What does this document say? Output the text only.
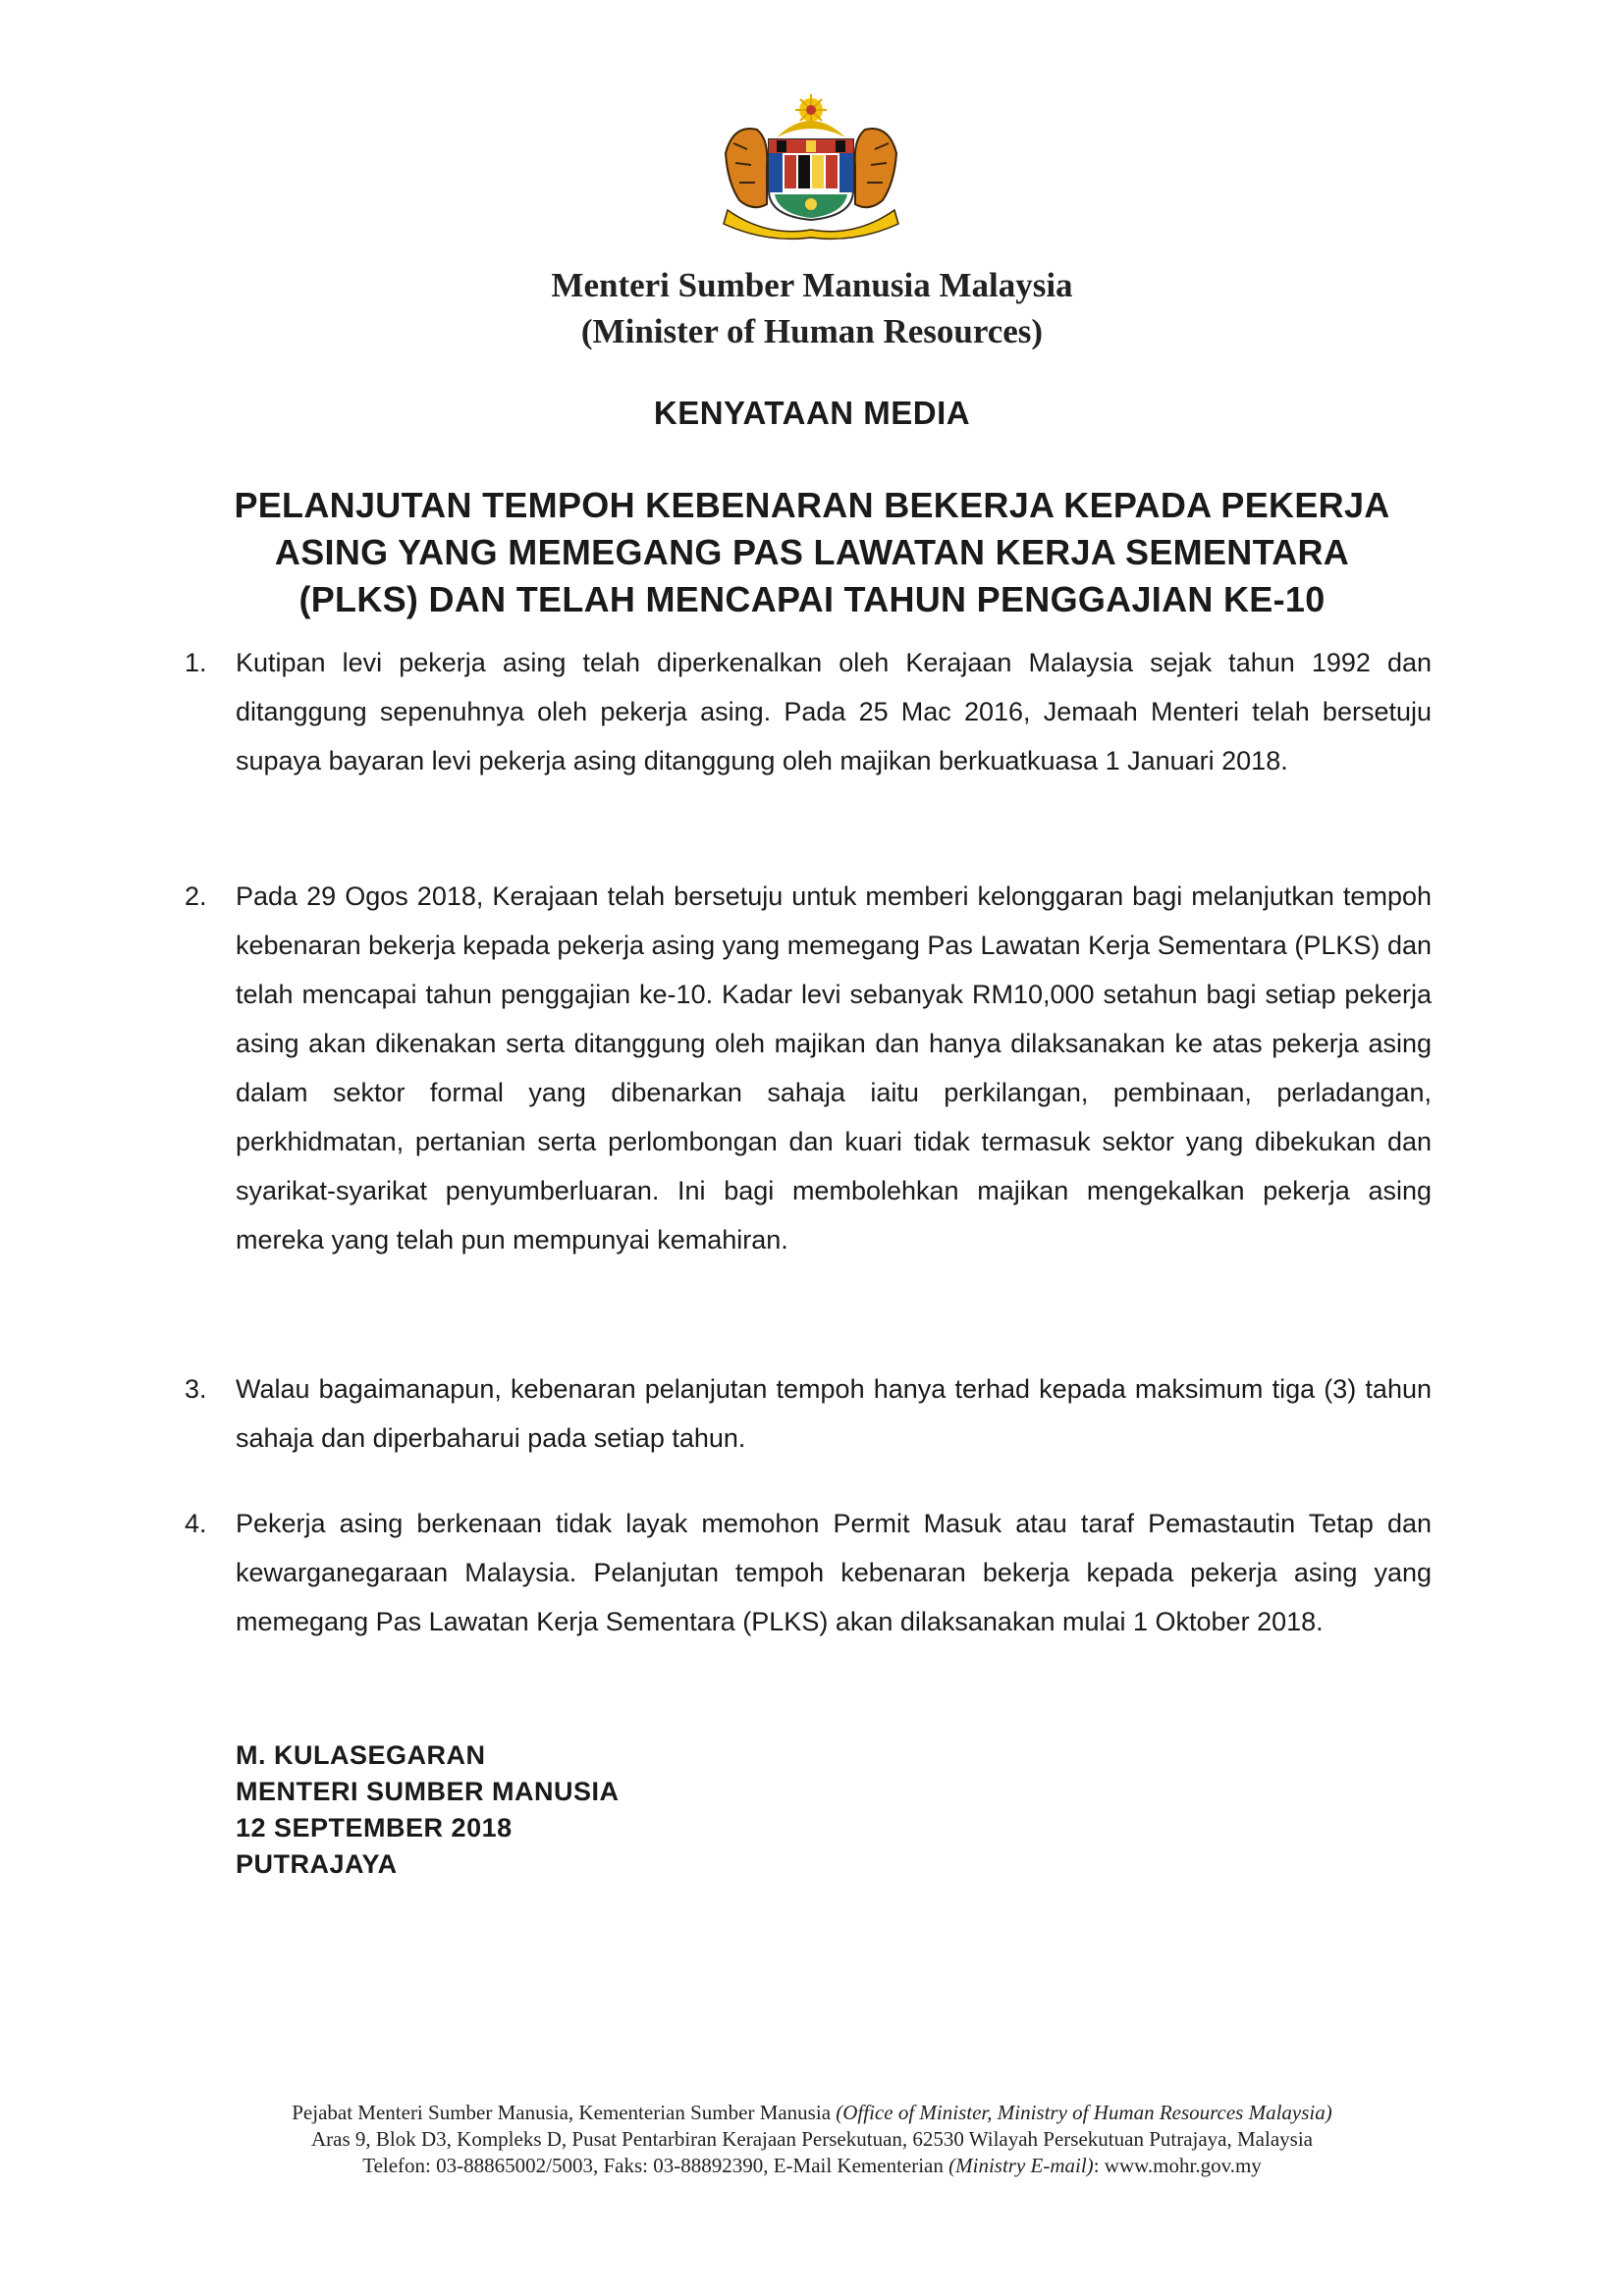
Menteri Sumber Manusia Malaysia
(Minister of Human Resources)
KENYATAAN MEDIA
PELANJUTAN TEMPOH KEBENARAN BEKERJA KEPADA PEKERJA
ASING YANG MEMEGANG PAS LAWATAN KERJA SEMENTARA
(PLKS) DAN TELAH MENCAPAI TAHUN PENGGAJIAN KE-10
1.	Kutipan levi pekerja asing telah diperkenalkan oleh Kerajaan Malaysia sejak tahun 1992 dan ditanggung sepenuhnya oleh pekerja asing. Pada 25 Mac 2016, Jemaah Menteri telah bersetuju supaya bayaran levi pekerja asing ditanggung oleh majikan berkuatkuasa 1 Januari 2018.
2.	Pada 29 Ogos 2018, Kerajaan telah bersetuju untuk memberi kelonggaran bagi melanjutkan tempoh kebenaran bekerja kepada pekerja asing yang memegang Pas Lawatan Kerja Sementara (PLKS) dan telah mencapai tahun penggajian ke-10. Kadar levi sebanyak RM10,000 setahun bagi setiap pekerja asing akan dikenakan serta ditanggung oleh majikan dan hanya dilaksanakan ke atas pekerja asing dalam sektor formal yang dibenarkan sahaja iaitu perkilangan, pembinaan, perladangan, perkhidmatan, pertanian serta perlombongan dan kuari tidak termasuk sektor yang dibekukan dan syarikat-syarikat penyumberluaran. Ini bagi membolehkan majikan mengekalkan pekerja asing mereka yang telah pun mempunyai kemahiran.
3.	Walau bagaimanapun, kebenaran pelanjutan tempoh hanya terhad kepada maksimum tiga (3) tahun sahaja dan diperbaharui pada setiap tahun.
4.	Pekerja asing berkenaan tidak layak memohon Permit Masuk atau taraf Pemastautin Tetap dan kewarganegaraan Malaysia. Pelanjutan tempoh kebenaran bekerja kepada pekerja asing yang memegang Pas Lawatan Kerja Sementara (PLKS) akan dilaksanakan mulai 1 Oktober 2018.
M. KULASEGARAN
MENTERI SUMBER MANUSIA
12 SEPTEMBER 2018
PUTRAJAYA
Pejabat Menteri Sumber Manusia, Kementerian Sumber Manusia (Office of Minister, Ministry of Human Resources Malaysia)
Aras 9, Blok D3, Kompleks D, Pusat Pentarbiran Kerajaan Persekutuan, 62530 Wilayah Persekutuan Putrajaya, Malaysia
Telefon: 03-88865002/5003, Faks: 03-88892390, E-Mail Kementerian (Ministry E-mail): www.mohr.gov.my
